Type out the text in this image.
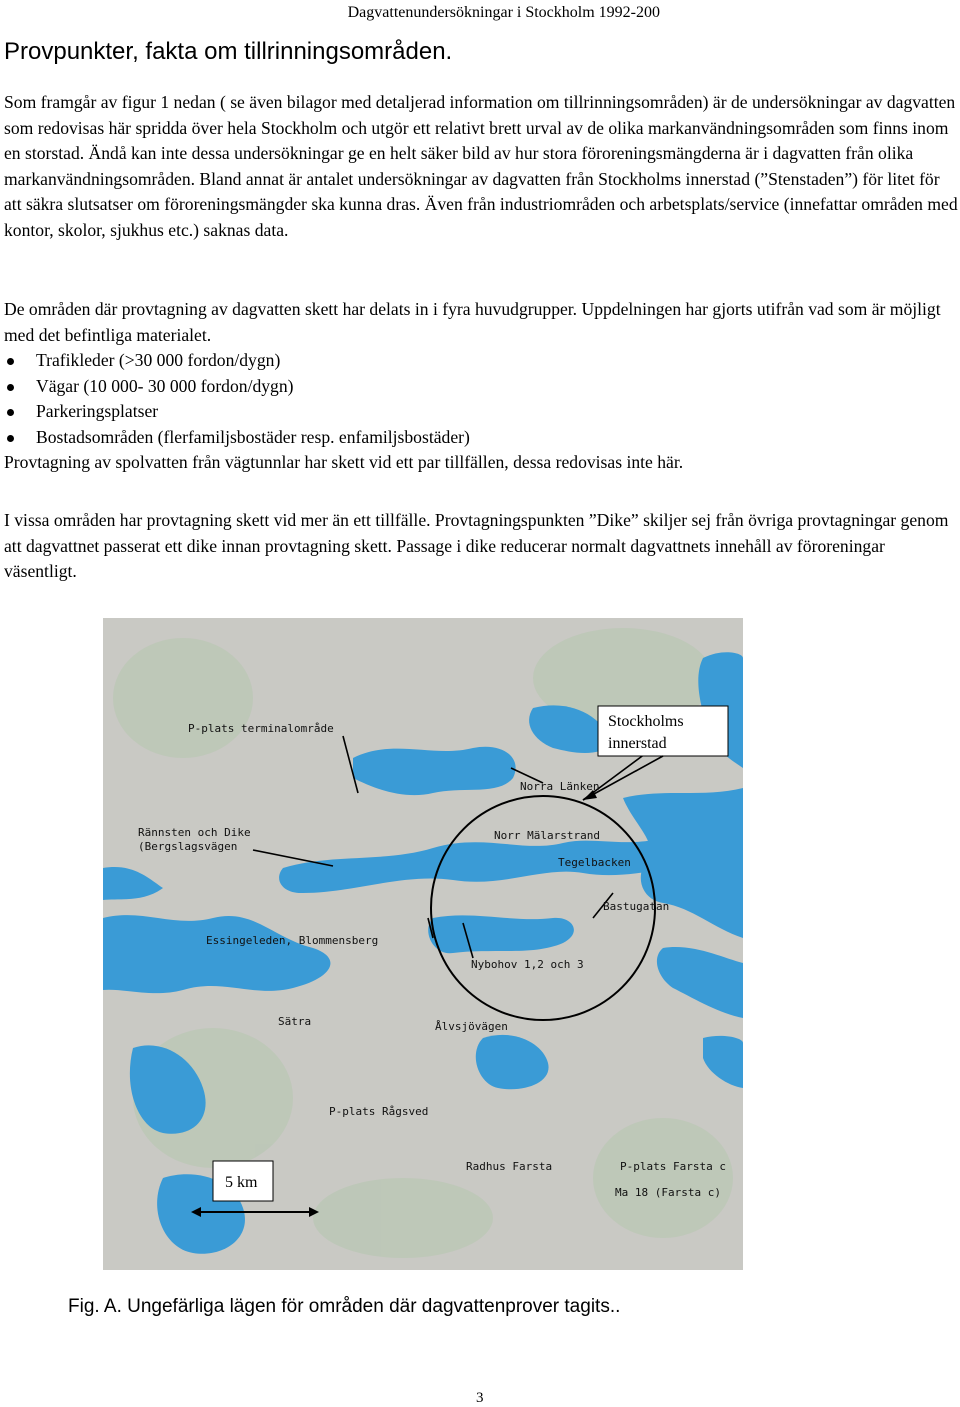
Dagvattenundersökningar i Stockholm 1992-200
Provpunkter, fakta om tillrinningsområden.
Som framgår av figur 1 nedan ( se även bilagor med detaljerad information om tillrinningsområden) är de undersökningar av dagvatten som redovisas här spridda över hela Stockholm och utgör ett relativt brett urval av de olika markanvändningsområden som finns inom en storstad. Ändå kan inte dessa undersökningar ge en helt säker bild av hur stora föroreningsmängderna är i dagvatten från olika markanvändningsområden. Bland annat är antalet undersökningar av dagvatten från Stockholms innerstad (”Stenstaden”) för litet för att säkra slutsatser om föroreningsmängder ska kunna dras. Även från industriområden och arbetsplats/service (innefattar områden med kontor, skolor, sjukhus etc.) saknas data.
De områden där provtagning av dagvatten skett har delats in i fyra huvudgrupper. Uppdelningen har gjorts utifrån vad som är möjligt med det befintliga materialet.
Trafikleder (>30 000 fordon/dygn)
Vägar (10 000- 30 000 fordon/dygn)
Parkeringsplatser
Bostadsområden (flerfamiljsbostäder resp. enfamiljsbostäder)
Provtagning av spolvatten från vägtunnlar har skett vid ett par tillfällen, dessa redovisas inte här.
I vissa områden har provtagning skett vid mer än ett tillfälle. Provtagningspunkten ”Dike” skiljer sej från övriga provtagningar genom att dagvattnet passerat ett dike innan provtagning skett. Passage i dike reducerar normalt dagvattnets innehåll av föroreningar väsentligt.
P-plats terminalområde
Rännsten och Dike
(Bergslagsvägen
Essingeleden, Blommensberg
Norra Länken
Norr Mälarstrand
Tegelbacken
Bastugatan
Nybohov 1,2 och 3
Sätra	Ålvsjövägen
P-plats Rågsved
Radhus Farsta	P-plats Farsta c
Ma 18 (Farsta c)
Stockholms
innerstad
5 km
Fig. A. Ungefärliga lägen för områden där dagvattenprover tagits..
3
